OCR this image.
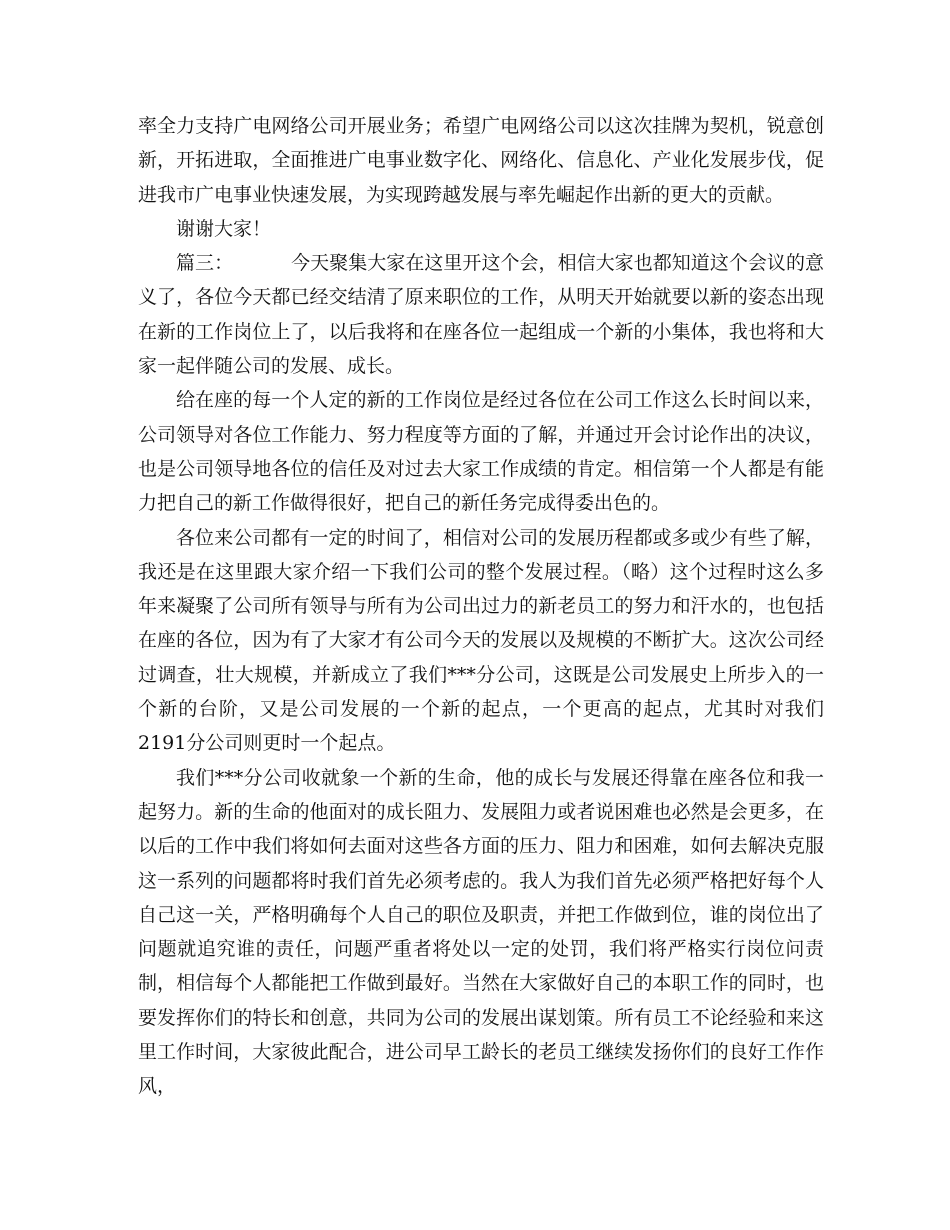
率全力支持广电网络公司开展业务；希望广电网络公司以这次挂牌为契机，锐意创新，开拓进取，全面推进广电事业数字化、网络化、信息化、产业化发展步伐，促进我市广电事业快速发展，为实现跨越发展与率先崛起作出新的更大的贡献。

谢谢大家！

篇三：	今天聚集大家在这里开这个会，相信大家也都知道这个会议的意义了，各位今天都已经交结清了原来职位的工作，从明天开始就要以新的姿态出现在新的工作岗位上了，以后我将和在座各位一起组成一个新的小集体，我也将和大家一起伴随公司的发展、成长。

给在座的每一个人定的新的工作岗位是经过各位在公司工作这么长时间以来，公司领导对各位工作能力、努力程度等方面的了解，并通过开会讨论作出的决议，也是公司领导地各位的信任及对过去大家工作成绩的肯定。相信第一个人都是有能力把自己的新工作做得很好，把自己的新任务完成得委出色的。

各位来公司都有一定的时间了，相信对公司的发展历程都或多或少有些了解，我还是在这里跟大家介绍一下我们公司的整个发展过程。（略）这个过程时这么多年来凝聚了公司所有领导与所有为公司出过力的新老员工的努力和汗水的，也包括在座的各位，因为有了大家才有公司今天的发展以及规模的不断扩大。这次公司经过调查，壮大规模，并新成立了我们***分公司，这既是公司发展史上所步入的一个新的台阶，又是公司发展的一个新的起点，一个更高的起点，尤其时对我们2191分公司则更时一个起点。

我们***分公司收就象一个新的生命，他的成长与发展还得靠在座各位和我一起努力。新的生命的他面对的成长阻力、发展阻力或者说困难也必然是会更多，在以后的工作中我们将如何去面对这些各方面的压力、阻力和困难，如何去解决克服这一系列的问题都将时我们首先必须考虑的。我人为我们首先必须严格把好每个人自己这一关，严格明确每个人自己的职位及职责，并把工作做到位，谁的岗位出了问题就追究谁的责任，问题严重者将处以一定的处罚，我们将严格实行岗位问责制，相信每个人都能把工作做到最好。当然在大家做好自己的本职工作的同时，也要发挥你们的特长和创意，共同为公司的发展出谋划策。所有员工不论经验和来这里工作时间，大家彼此配合，进公司早工龄长的老员工继续发扬你们的良好工作作风，
